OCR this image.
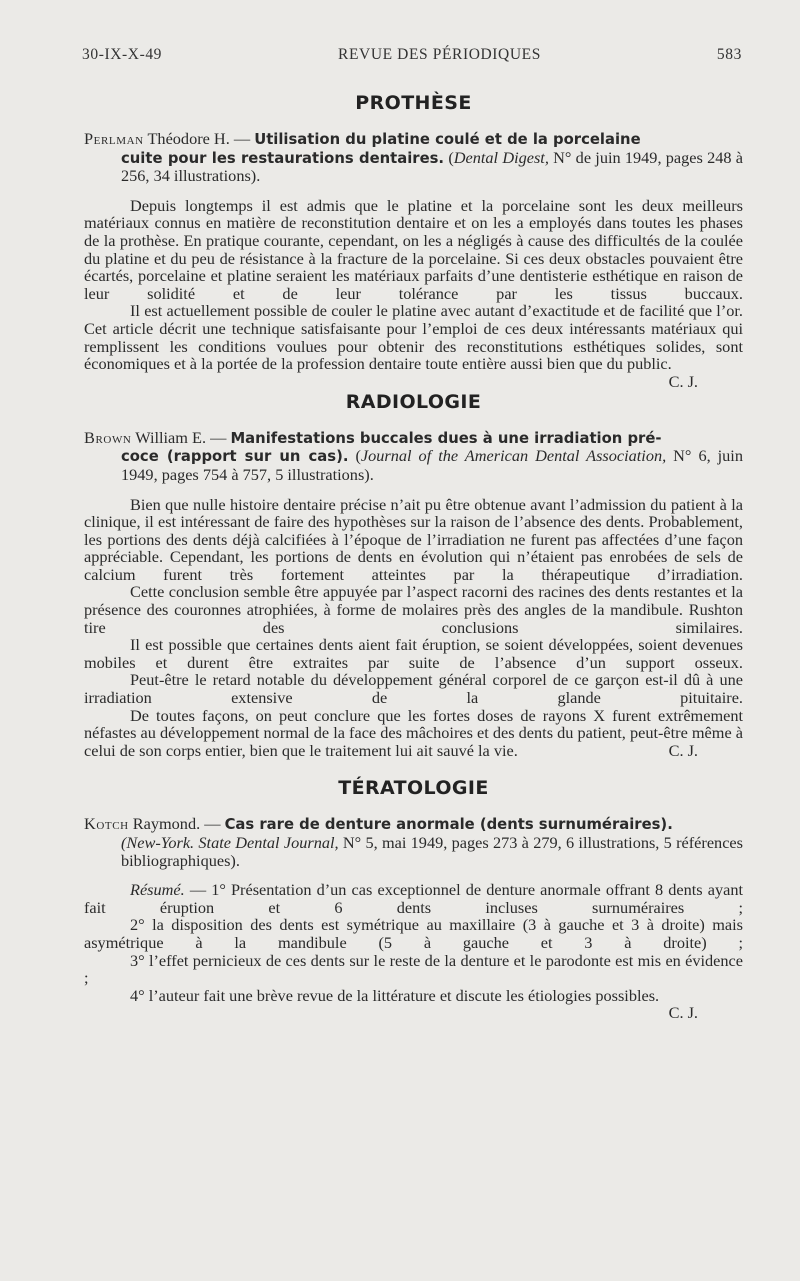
30-IX-X-49	REVUE DES PÉRIODIQUES	583
PROTHÈSE

Perlman Théodore H. — Utilisation du platine coulé et de la porcelaine
cuite pour les restaurations dentaires. (Dental Digest, N° de juin 1949, pages 248 à 256, 34 illustrations).

Depuis longtemps il est admis que le platine et la porcelaine sont les deux meilleurs matériaux connus en matière de reconstitution dentaire et on les a employés dans toutes les phases de la prothèse. En pratique courante, cependant, on les a négligés à cause des difficultés de la coulée du platine et du peu de résistance à la fracture de la porcelaine. Si ces deux obstacles pouvaient être écartés, porcelaine et platine seraient les matériaux parfaits d’une dentisterie esthétique en raison de leur solidité et de leur tolérance par les tissus buccaux.

Il est actuellement possible de couler le platine avec autant d’exactitude et de facilité que l’or. Cet article décrit une technique satisfaisante pour l’emploi de ces deux intéressants matériaux qui remplissent les conditions voulues pour obtenir des reconstitutions esthétiques solides, sont économiques et à la portée de la profession dentaire toute entière aussi bien que du public.
C. J.

RADIOLOGIE

Brown William E. — Manifestations buccales dues à une irradiation pré-
coce (rapport sur un cas). (Journal of the American Dental Association, N° 6, juin 1949, pages 754 à 757, 5 illustrations).

Bien que nulle histoire dentaire précise n’ait pu être obtenue avant l’admission du patient à la clinique, il est intéressant de faire des hypothèses sur la raison de l’absence des dents. Probablement, les portions des dents déjà calcifiées à l’époque de l’irradiation ne furent pas affectées d’une façon appréciable. Cependant, les portions de dents en évolution qui n’étaient pas enrobées de sels de calcium furent très fortement atteintes par la thérapeutique d’irradiation.

Cette conclusion semble être appuyée par l’aspect racorni des racines des dents restantes et la présence des couronnes atrophiées, à forme de molaires près des angles de la mandibule. Rushton tire des conclusions similaires.

Il est possible que certaines dents aient fait éruption, se soient développées, soient devenues mobiles et durent être extraites par suite de l’absence d’un support osseux.

Peut-être le retard notable du développement général corporel de ce garçon est-il dû à une irradiation extensive de la glande pituitaire.

De toutes façons, on peut conclure que les fortes doses de rayons X furent extrêmement néfastes au développement normal de la face des mâchoires et des dents du patient, peut-être même à celui de son corps entier, bien que le traitement lui ait sauvé la vie.	C. J.

TÉRATOLOGIE

Kotch Raymond. — Cas rare de denture anormale (dents surnuméraires).
(New-York. State Dental Journal, N° 5, mai 1949, pages 273 à 279, 6 illustrations, 5 références bibliographiques).

Résumé. — 1° Présentation d’un cas exceptionnel de denture anormale offrant 8 dents ayant fait éruption et 6 dents incluses surnuméraires ;

2° la disposition des dents est symétrique au maxillaire (3 à gauche et 3 à droite) mais asymétrique à la mandibule (5 à gauche et 3 à droite) ;

3° l’effet pernicieux de ces dents sur le reste de la denture et le parodonte est mis en évidence ;

4° l’auteur fait une brève revue de la littérature et discute les étiologies possibles.
C. J.
